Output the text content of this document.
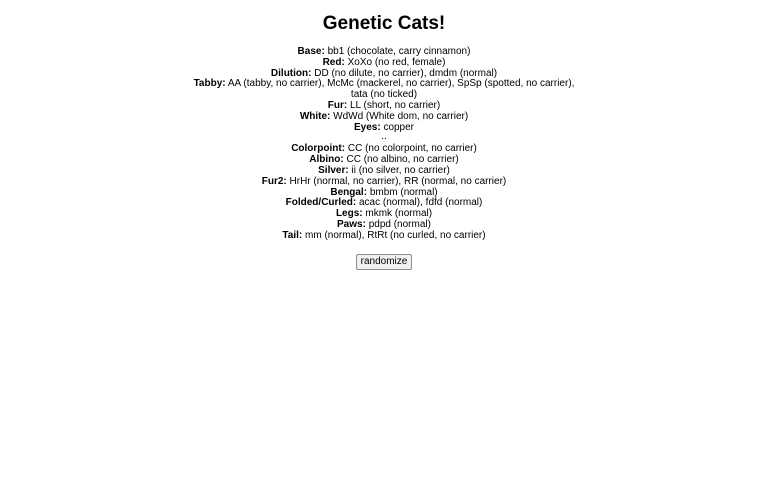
Genetic Cats!
Base: bb1 (chocolate, carry cinnamon)
Red: XoXo (no red, female)
Dilution: DD (no dilute, no carrier), dmdm (normal)
Tabby: AA (tabby, no carrier), McMc (mackerel, no carrier), SpSp (spotted, no carrier), tata (no ticked)
Fur: LL (short, no carrier)
White: WdWd (White dom, no carrier)
Eyes: copper
..
Colorpoint: CC (no colorpoint, no carrier)
Albino: CC (no albino, no carrier)
Silver: ii (no silver, no carrier)
Fur2: HrHr (normal, no carrier), RR (normal, no carrier)
Bengal: bmbm (normal)
Folded/Curled: acac (normal), fdfd (normal)
Legs: mkmk (normal)
Paws: pdpd (normal)
Tail: mm (normal), RtRt (no curled, no carrier)
randomize
